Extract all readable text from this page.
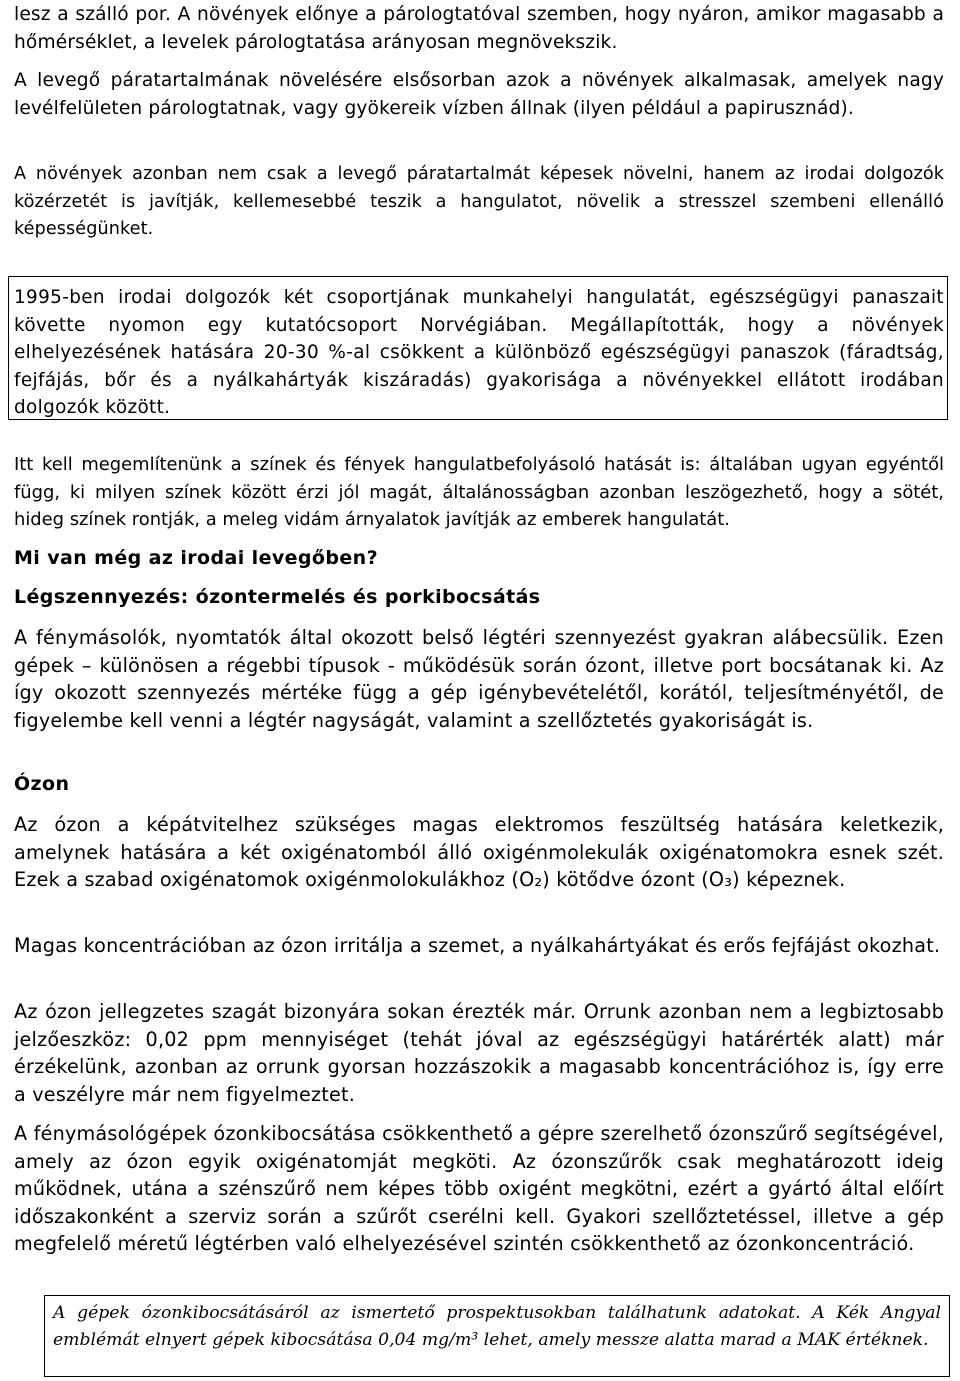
lesz a szálló por. A növények előnye a párologtatóval szemben, hogy nyáron, amikor magasabb a hőmérséklet, a levelek párologtatása arányosan megnövekszik.

A levegő páratartalmának növelésére elsősorban azok a növények alkalmasak, amelyek nagy levélfelületen párologtatnak, vagy gyökereik vízben állnak (ilyen például a papirusznád).

A növények azonban nem csak a levegő páratartalmát képesek növelni, hanem az irodai dolgozók közérzetét is javítják, kellemesebbé teszik a hangulatot, növelik a stresszel szembeni ellenálló képességünket.

1995-ben irodai dolgozók két csoportjának munkahelyi hangulatát, egészségügyi panaszait követte nyomon egy kutatócsoport Norvégiában. Megállapították, hogy a növények elhelyezésének hatására 20-30 %-al csökkent a különböző egészségügyi panaszok (fáradtság, fejfájás, bőr és a nyálkahártyák kiszáradás) gyakorisága a növényekkel ellátott irodában dolgozók között.

Itt kell megemlítenünk a színek és fények hangulatbefolyásoló hatását is: általában ugyan egyéntől függ, ki milyen színek között érzi jól magát, általánosságban azonban leszögezhető, hogy a sötét, hideg színek rontják, a meleg vidám árnyalatok javítják az emberek hangulatát.

Mi van még az irodai levegőben?
Légszennyezés: ózontermelés és porkibocsátás

A fénymásolók, nyomtatók által okozott belső légtéri szennyezést gyakran alábecsülik. Ezen gépek – különösen a régebbi típusok - működésük során ózont, illetve port bocsátanak ki. Az így okozott szennyezés mértéke függ a gép igénybevételétől, korától, teljesítményétől, de figyelembe kell venni a légtér nagyságát, valamint a szellőztetés gyakoriságát is.

Ózon

Az ózon a képátvitelhez szükséges magas elektromos feszültség hatására keletkezik, amelynek hatására a két oxigénatomból álló oxigénmolekulák oxigénatomokra esnek szét. Ezek a szabad oxigénatomok oxigénmolokulákhoz (O₂) kötődve ózont (O₃) képeznek.

Magas koncentrációban az ózon irritálja a szemet, a nyálkahártyákat és erős fejfájást okozhat.

Az ózon jellegzetes szagát bizonyára sokan érezték már. Orrunk azonban nem a legbiztosabb jelzőeszköz: 0,02 ppm mennyiséget (tehát jóval az egészségügyi határérték alatt) már érzékelünk, azonban az orrunk gyorsan hozzászokik a magasabb koncentrációhoz is, így erre a veszélyre már nem figyelmeztet.

A fénymásológépek ózonkibocsátása csökkenthető a gépre szerelhető ózonszűrő segítségével, amely az ózon egyik oxigénatomját megköti. Az ózonszűrők csak meghatározott ideig működnek, utána a szénszűrő nem képes több oxigént megkötni, ezért a gyártó által előírt időszakonként a szerviz során a szűrőt cserélni kell. Gyakori szellőztetéssel, illetve a gép megfelelő méretű légtérben való elhelyezésével szintén csökkenthető az ózonkoncentráció.

A gépek ózonkibocsátásáról az ismertető prospektusokban találhatunk adatokat. A Kék Angyal emblémát elnyert gépek kibocsátása 0,04 mg/m³ lehet, amely messze alatta marad a MAK értéknek.
